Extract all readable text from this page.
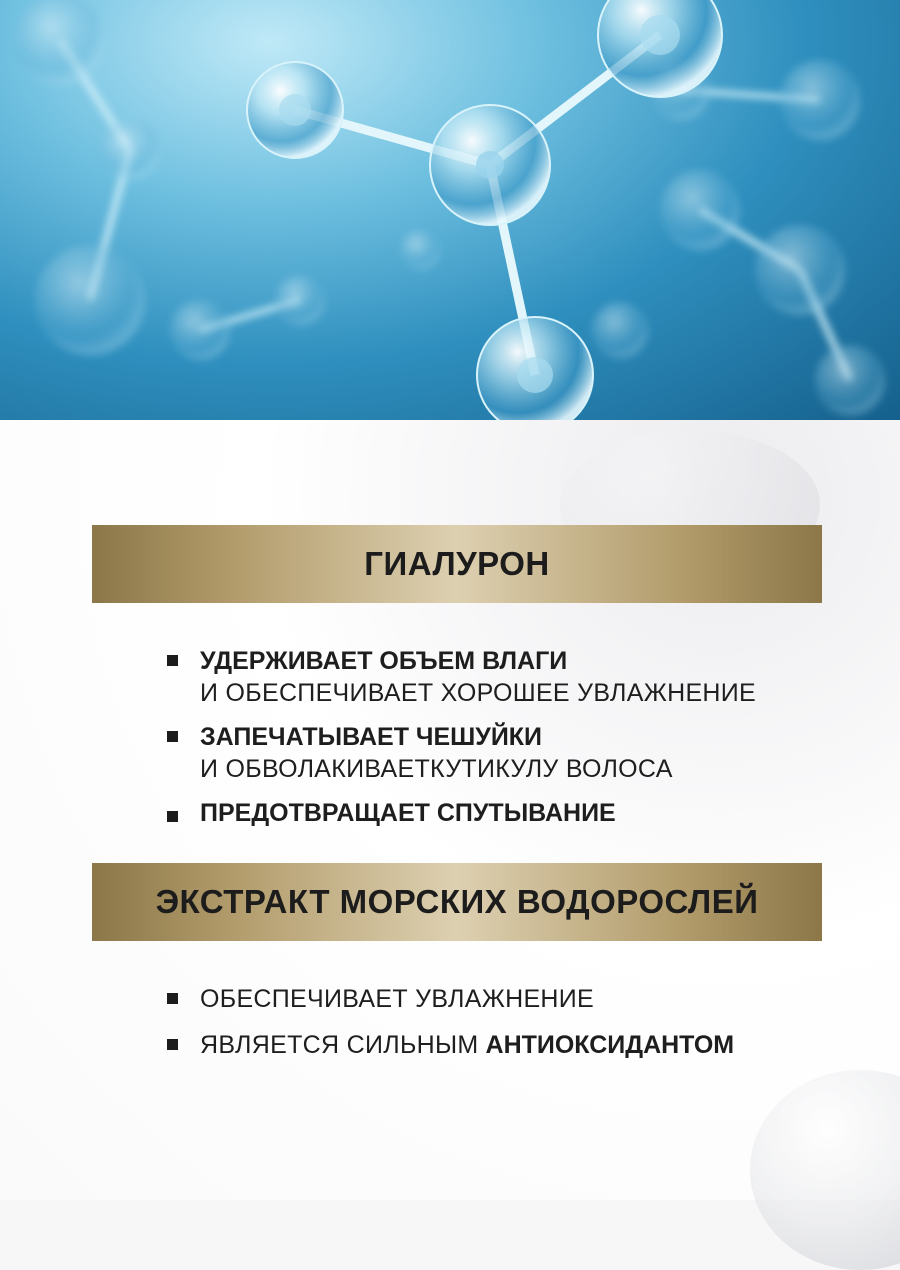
ГИАЛУРОН
УДЕРЖИВАЕТ ОБЪЕМ ВЛАГИ
И ОБЕСПЕЧИВАЕТ ХОРОШЕЕ УВЛАЖНЕНИЕ
ЗАПЕЧАТЫВАЕТ ЧЕШУЙКИ
И ОБВОЛАКИВАЕТКУТИКУЛУ ВОЛОСА
ПРЕДОТВРАЩАЕТ СПУТЫВАНИЕ
ЭКСТРАКТ МОРСКИХ ВОДОРОСЛЕЙ
ОБЕСПЕЧИВАЕТ УВЛАЖНЕНИЕ
ЯВЛЯЕТСЯ СИЛЬНЫМ АНТИОКСИДАНТОМ
